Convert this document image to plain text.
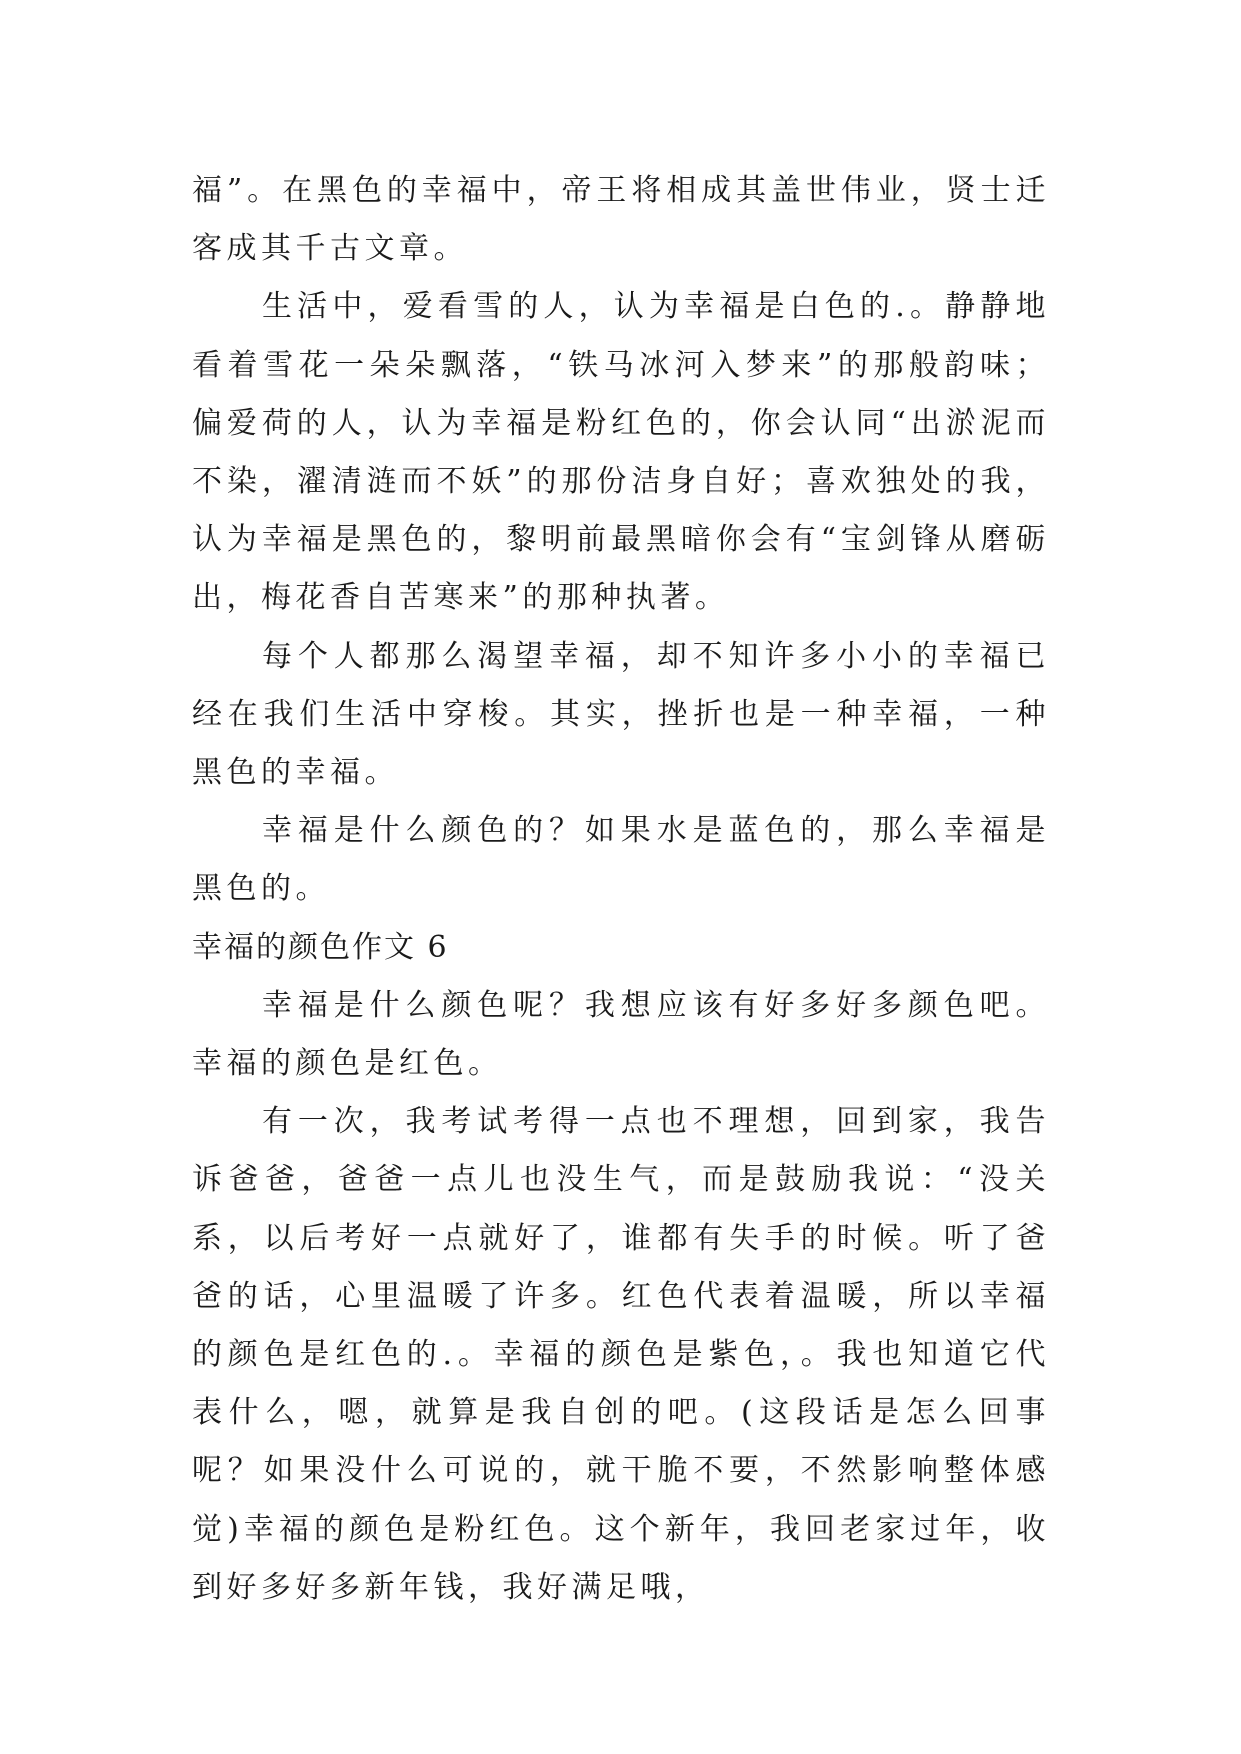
福”。在黑色的幸福中，帝王将相成其盖世伟业，贤士迁客成其千古文章。

生活中，爱看雪的人，认为幸福是白色的.。静静地看着雪花一朵朵飘落，“铁马冰河入梦来”的那般韵味；偏爱荷的人，认为幸福是粉红色的，你会认同“出淤泥而不染，濯清涟而不妖”的那份洁身自好；喜欢独处的我，认为幸福是黑色的，黎明前最黑暗你会有“宝剑锋从磨砺出，梅花香自苦寒来”的那种执著。

每个人都那么渴望幸福，却不知许多小小的幸福已经在我们生活中穿梭。其实，挫折也是一种幸福，一种黑色的幸福。

幸福是什么颜色的？如果水是蓝色的，那么幸福是黑色的。

幸福的颜色作文 6

幸福是什么颜色呢？我想应该有好多好多颜色吧。幸福的颜色是红色。

有一次，我考试考得一点也不理想，回到家，我告诉爸爸，爸爸一点儿也没生气，而是鼓励我说：“没关系，以后考好一点就好了，谁都有失手的时候。听了爸爸的话，心里温暖了许多。红色代表着温暖，所以幸福的颜色是红色的.。幸福的颜色是紫色，。我也知道它代表什么，嗯，就算是我自创的吧。(这段话是怎么回事呢？如果没什么可说的，就干脆不要，不然影响整体感觉)幸福的颜色是粉红色。这个新年，我回老家过年，收到好多好多新年钱，我好满足哦，
